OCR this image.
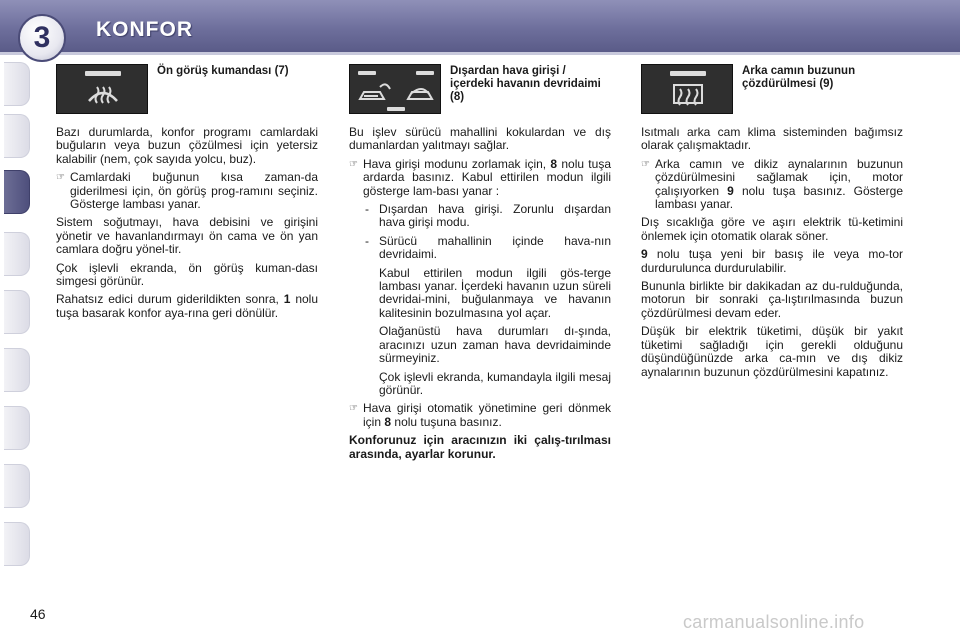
3 KONFOR
Ön görüş kumandası (7)

Bazı durumlarda, konfor programı camlardaki buğuların veya buzun çözülmesi için yetersiz kalabilir (nem, çok sayıda yolcu, buz).

☞ Camlardaki buğunun kısa zaman-da giderilmesi için, ön görüş prog-ramını seçiniz. Gösterge lambası yanar.

Sistem soğutmayı, hava debisini ve girişini yönetir ve havanlandırmayı ön cama ve ön yan camlara doğru yönel-tir.

Çok işlevli ekranda, ön görüş kuman-dası simgesi görünür.

Rahatsız edici durum giderildikten sonra, 1 nolu tuşa basarak konfor aya-rına geri dönülür.

Dışardan hava girişi / içerdeki havanın devridaimi (8)

Bu işlev sürücü mahallini kokulardan ve dış dumanlardan yalıtmayı sağlar.

☞ Hava girişi modunu zorlamak için, 8 nolu tuşa ardarda basınız. Kabul ettirilen modun ilgili gösterge lam-bası yanar :
- Dışardan hava girişi. Zorunlu dışardan hava girişi modu.
- Sürücü mahallinin içinde hava-nın devridaimi.

Kabul ettirilen modun ilgili gös-terge lambası yanar. İçerdeki havanın uzun süreli devridai-mini, buğulanmaya ve havanın kalitesinin bozulmasına yol açar.

Olağanüstü hava durumları dı-şında, aracınızı uzun zaman hava devridaiminde sürmeyiniz.

Çok işlevli ekranda, kumandayla ilgili mesaj görünür.

☞ Hava girişi otomatik yönetimine geri dönmek için 8 nolu tuşuna basınız.

Konforunuz için aracınızın iki çalış-tırılması arasında, ayarlar korunur.

Arka camın buzunun çözdürülmesi (9)

Isıtmalı arka cam klima sisteminden bağımsız olarak çalışmaktadır.

☞ Arka camın ve dikiz aynalarının buzunun çözdürülmesini sağlamak için, motor çalışıyorken 9 nolu tuşa basınız. Gösterge lambası yanar.

Dış sıcaklığa göre ve aşırı elektrik tü-ketimini önlemek için otomatik olarak söner.

9 nolu tuşa yeni bir basış ile veya mo-tor durdurulunca durdurulabilir.

Bununla birlikte bir dakikadan az du-rulduğunda, motorun bir sonraki ça-lıştırılmasında buzun çözdürülmesi devam eder.

Düşük bir elektrik tüketimi, düşük bir yakıt tüketimi sağladığı için gerekli olduğunu düşündüğünüzde arka ca-mın ve dış dikiz aynalarının buzunun çözdürülmesini kapatınız.

46	carmanualsonline.info
